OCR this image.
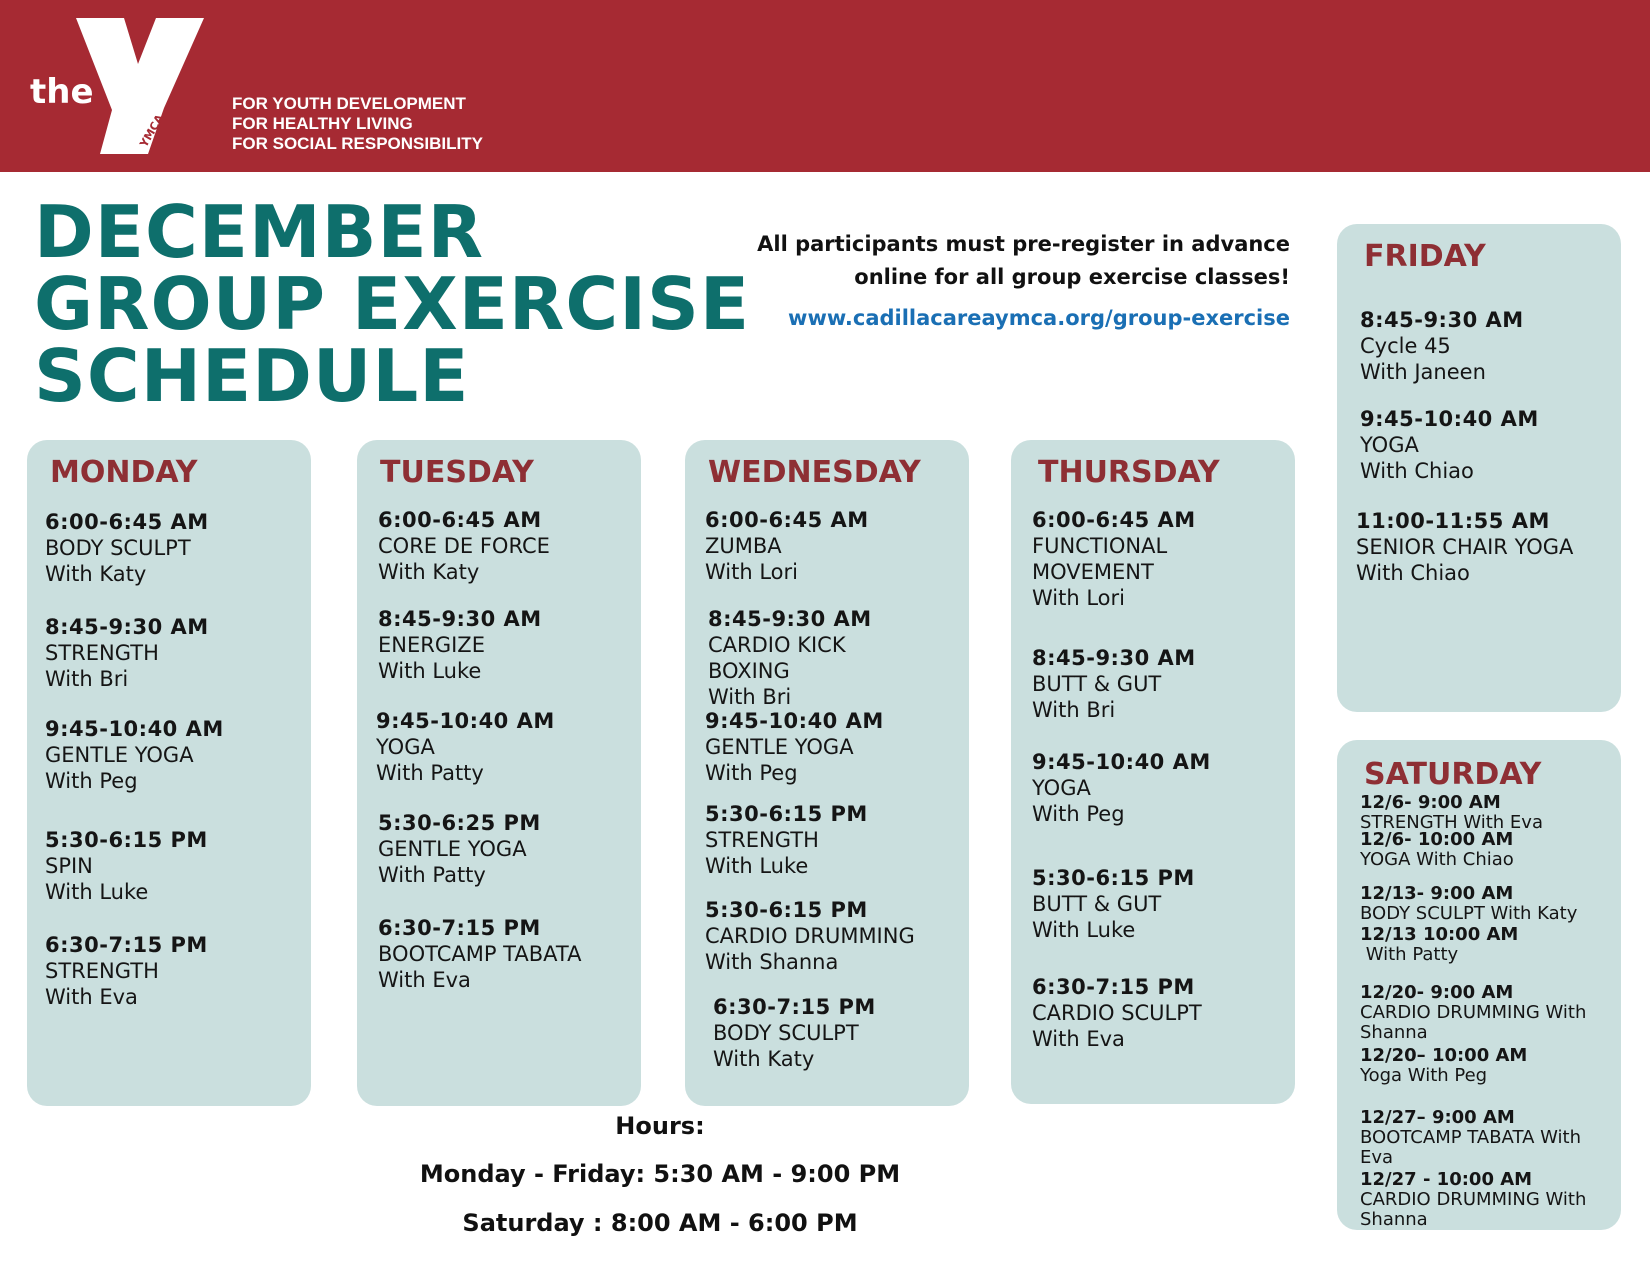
YMCA
the	FOR YOUTH DEVELOPMENT
FOR HEALTHY LIVING
FOR SOCIAL RESPONSIBILITY
DECEMBER
GROUP EXERCISE
SCHEDULE
All participants must pre-register in advance
online for all group exercise classes!
www.cadillacareaymca.org/group-exercise
MONDAY
6:00-6:45 AM
BODY SCULPT
With Katy
8:45-9:30 AM
STRENGTH
With Bri
9:45-10:40 AM
GENTLE YOGA
With Peg
5:30-6:15 PM
SPIN
With Luke
6:30-7:15 PM
STRENGTH
With Eva
TUESDAY
6:00-6:45 AM
CORE DE FORCE
With Katy
8:45-9:30 AM
ENERGIZE
With Luke
9:45-10:40 AM
YOGA
With Patty
5:30-6:25 PM
GENTLE YOGA
With Patty
6:30-7:15 PM
BOOTCAMP TABATA
With Eva
WEDNESDAY
6:00-6:45 AM
ZUMBA
With Lori
8:45-9:30 AM
CARDIO KICK
BOXING
With Bri
9:45-10:40 AM
GENTLE YOGA
With Peg
5:30-6:15 PM
STRENGTH
With Luke
5:30-6:15 PM
CARDIO DRUMMING
With Shanna
6:30-7:15 PM
BODY SCULPT
With Katy
THURSDAY
6:00-6:45 AM
FUNCTIONAL
MOVEMENT
With Lori
8:45-9:30 AM
BUTT & GUT
With Bri
9:45-10:40 AM
YOGA
With Peg
5:30-6:15 PM
BUTT & GUT
With Luke
6:30-7:15 PM
CARDIO SCULPT
With Eva
FRIDAY
8:45-9:30 AM
Cycle 45
With Janeen
9:45-10:40 AM
YOGA
With Chiao
11:00-11:55 AM
SENIOR CHAIR YOGA
With Chiao
SATURDAY
12/6- 9:00 AM
STRENGTH With Eva
12/6- 10:00 AM
YOGA With Chiao
12/13- 9:00 AM
BODY SCULPT With Katy
12/13 10:00 AM
With Patty
12/20- 9:00 AM
CARDIO DRUMMING With
Shanna
12/20– 10:00 AM
Yoga With Peg
12/27– 9:00 AM
BOOTCAMP TABATA With
Eva
12/27 - 10:00 AM
CARDIO DRUMMING With
Shanna
Hours:
Monday - Friday: 5:30 AM - 9:00 PM
Saturday : 8:00 AM - 6:00 PM
